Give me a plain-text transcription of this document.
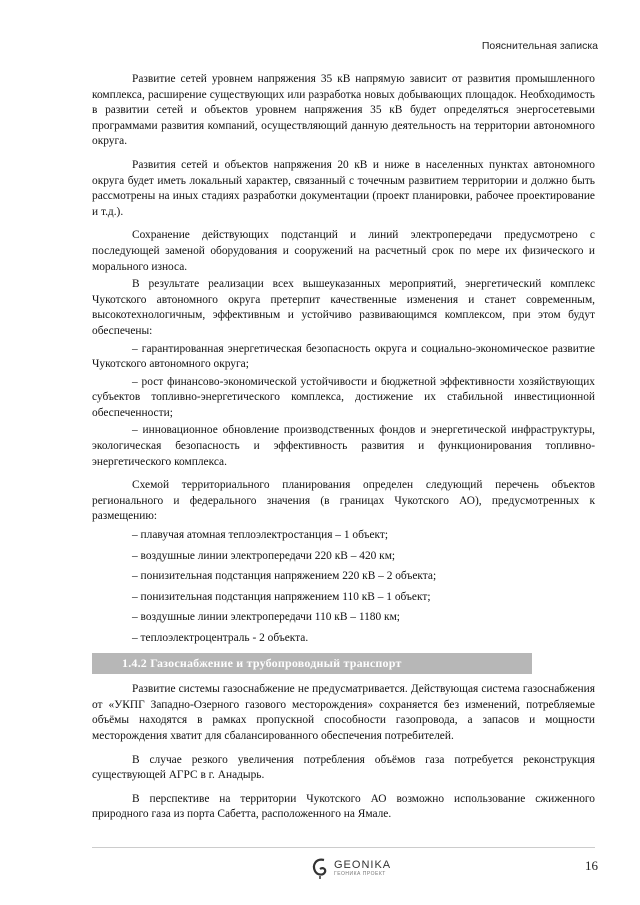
Пояснительная записка

Развитие сетей уровнем напряжения 35 кВ напрямую зависит от развития промышленного комплекса, расширение существующих или разработка новых добывающих площадок. Необходимость в развитии сетей и объектов уровнем напряжения 35 кВ будет определяться энергосетевыми программами развития компаний, осуществляющий данную деятельность на территории автономного округа.

Развития сетей и объектов напряжения 20 кВ и ниже в населенных пунктах автономного округа будет иметь локальный характер, связанный с точечным развитием территории и должно быть рассмотрены на иных стадиях разработки документации (проект планировки, рабочее проектирование и т.д.).

Сохранение действующих подстанций и линий электропередачи предусмотрено с последующей заменой оборудования и сооружений на расчетный срок по мере их физического и морального износа.

В результате реализации всех вышеуказанных мероприятий, энергетический комплекс Чукотского автономного округа претерпит качественные изменения и станет современным, высокотехнологичным, эффективным и устойчиво развивающимся комплексом, при этом будут обеспечены:

– гарантированная энергетическая безопасность округа и социально-экономическое развитие Чукотского автономного округа;

– рост финансово-экономической устойчивости и бюджетной эффективности хозяйствующих субъектов топливно-энергетического комплекса, достижение их стабильной инвестиционной обеспеченности;

– инновационное обновление производственных фондов и энергетической инфраструктуры, экологическая безопасность и эффективность развития и функционирования топливно-энергетического комплекса.

Схемой территориального планирования определен следующий перечень объектов регионального и федерального значения (в границах Чукотского АО), предусмотренных к размещению:

– плавучая атомная теплоэлектростанция – 1 объект;
– воздушные линии электропередачи 220 кВ – 420 км;
– понизительная подстанция напряжением 220 кВ – 2 объекта;
– понизительная подстанция напряжением 110 кВ – 1 объект;
– воздушные линии электропередачи 110 кВ – 1180 км;
– теплоэлектроцентраль - 2 объекта.
1.4.2 Газоснабжение и трубопроводный транспорт

Развитие системы газоснабжение не предусматривается. Действующая система газоснабжения от «УКПГ Западно-Озерного газового месторождения» сохраняется без изменений, потребляемые объёмы находятся в рамках пропускной способности газопровода, а запасов и мощности месторождения хватит для сбалансированного обеспечения потребителей.

В случае резкого увеличения потребления объёмов газа потребуется реконструкция существующей АГРС в г. Анадырь.

В перспективе на территории Чукотского АО возможно использование сжиженного природного газа из порта Сабетта, расположенного на Ямале.

GEONIKA
ГЕОНИКА ПРОЕКТ
16
